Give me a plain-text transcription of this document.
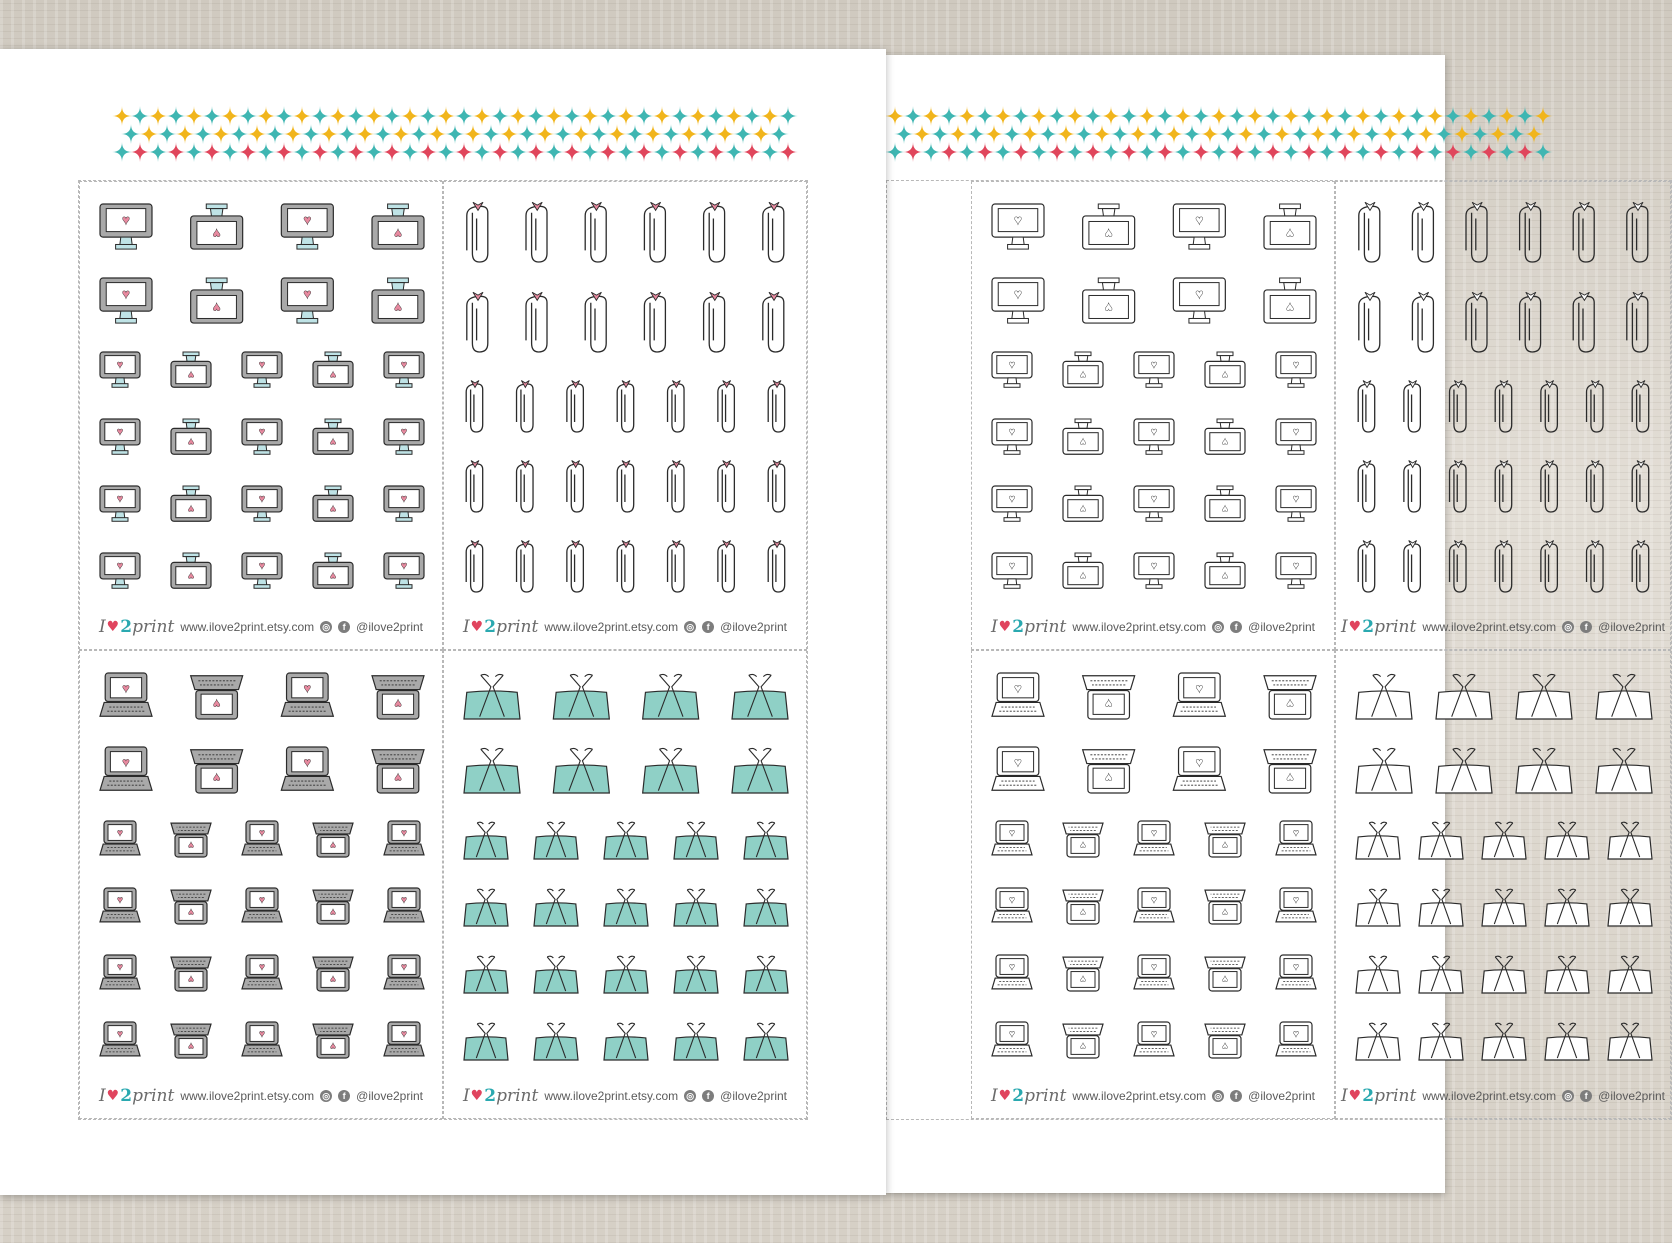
♥
♥
♥
♥
♥
♥
♥
♥
♥
♥
♥
♥
♥
♥
♥
♥
♥
♥
♥
♥
♥
♥
♥
♥
♥
♥
♥
♥
I ♥ 2 print www.ilove2print.etsy.com ◎	f @ilove2print I ♥ 2 print www.ilove2print.etsy.com ◎	f @ilove2print
♥
♥
♥
♥
♥
♥
♥
♥
♥
♥
♥
♥
♥
♥
♥
♥
♥
♥
♥
♥
♥
♥
♥
♥
♥
♥
♥
♥
I ♥ 2 print www.ilove2print.etsy.com ◎	f @ilove2print I ♥ 2 print www.ilove2print.etsy.com ◎	f @ilove2print
♥
♥
♥
♥
♥
♥
♥
♥
♥
♥
♥
♥
♥
♥
♥
♥
♥
♥
♥
♥
♥
♥
♥
♥
♥
♥
♥
♥
I ♥ 2 print www.ilove2print.etsy.com ◎	f @ilove2print I ♥ 2 print www.ilove2print.etsy.com ◎	f @ilove2print
♥
♥
♥
♥
♥
♥
♥
♥
♥
♥
♥
♥
♥
♥
♥
♥
♥
♥
♥
♥
♥
♥
♥
♥
♥
♥
♥
♥
I ♥ 2 print www.ilove2print.etsy.com ◎	f @ilove2print I ♥ 2 print www.ilove2print.etsy.com ◎	f @ilove2print
